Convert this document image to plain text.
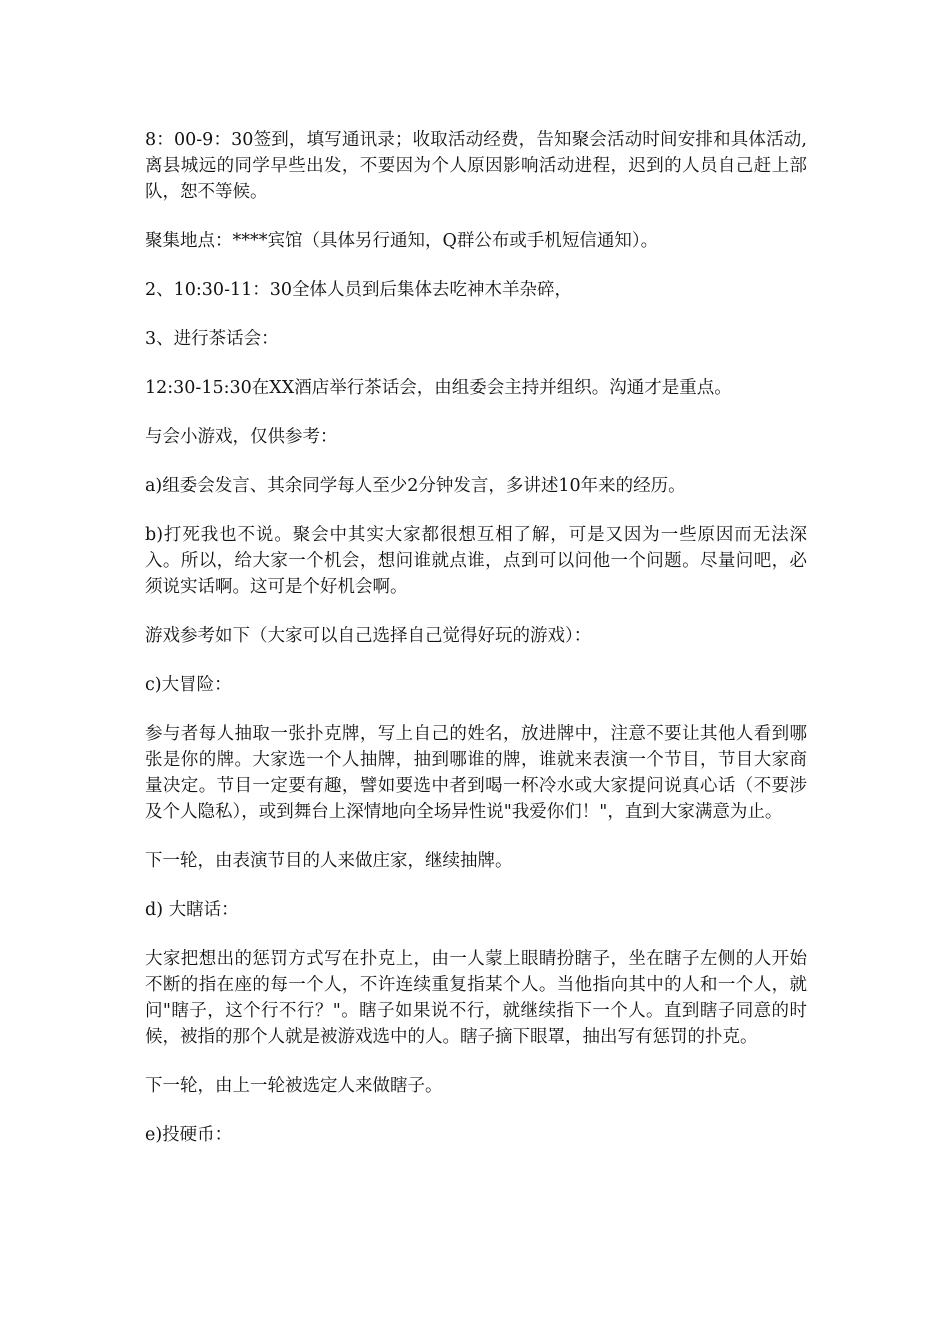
8：00-9：30签到，填写通讯录；收取活动经费，告知聚会活动时间安排和具体活动,离县城远的同学早些出发，不要因为个人原因影响活动进程，迟到的人员自己赶上部队，恕不等候。

聚集地点：****宾馆（具体另行通知，Q群公布或手机短信通知）。

2、10:30-11：30全体人员到后集体去吃神木羊杂碎，

3、进行茶话会：

12:30-15:30在XX酒店举行茶话会，由组委会主持并组织。沟通才是重点。

与会小游戏，仅供参考：

a)组委会发言、其余同学每人至少2分钟发言，多讲述10年来的经历。

b)打死我也不说。聚会中其实大家都很想互相了解，可是又因为一些原因而无法深入。所以，给大家一个机会，想问谁就点谁，点到可以问他一个问题。尽量问吧，必须说实话啊。这可是个好机会啊。

游戏参考如下（大家可以自己选择自己觉得好玩的游戏）：

c)大冒险：

参与者每人抽取一张扑克牌，写上自己的姓名，放进牌中，注意不要让其他人看到哪张是你的牌。大家选一个人抽牌，抽到哪谁的牌，谁就来表演一个节目，节目大家商量决定。节目一定要有趣，譬如要选中者到喝一杯冷水或大家提问说真心话（不要涉及个人隐私），或到舞台上深情地向全场异性说"我爱你们！"，直到大家满意为止。

下一轮，由表演节目的人来做庄家，继续抽牌。

d) 大瞎话：

大家把想出的惩罚方式写在扑克上，由一人蒙上眼睛扮瞎子，坐在瞎子左侧的人开始不断的指在座的每一个人，不许连续重复指某个人。当他指向其中的人和一个人，就问"瞎子，这个行不行？"。瞎子如果说不行，就继续指下一个人。直到瞎子同意的时候，被指的那个人就是被游戏选中的人。瞎子摘下眼罩，抽出写有惩罚的扑克。

下一轮，由上一轮被选定人来做瞎子。

e)投硬币：
